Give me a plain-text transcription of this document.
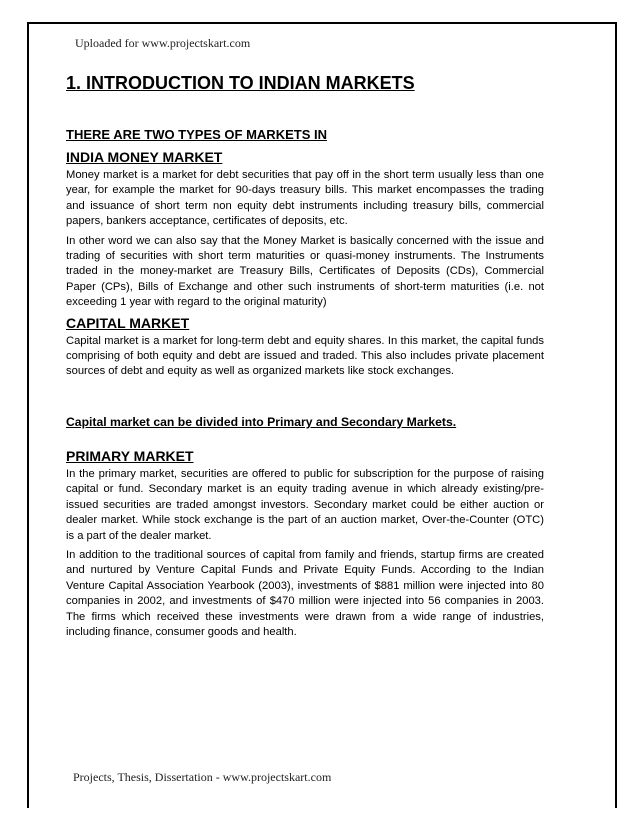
Uploaded for www.projectskart.com

1. INTRODUCTION TO INDIAN MARKETS

THERE ARE TWO TYPES OF MARKETS IN

INDIA MONEY MARKET

Money market is a market for debt securities that pay off in the short term usually less than one year, for example the market for 90-days treasury bills. This market encompasses the trading and issuance of short term non equity debt instruments including treasury bills, commercial papers, bankers acceptance, certificates of deposits, etc.

In other word we can also say that the Money Market is basically concerned with the issue and trading of securities with short term maturities or quasi-money instruments. The Instruments traded in the money-market are Treasury Bills, Certificates of Deposits (CDs), Commercial Paper (CPs), Bills of Exchange and other such instruments of short-term maturities (i.e. not exceeding 1 year with regard to the original maturity)

CAPITAL MARKET

Capital market is a market for long-term debt and equity shares. In this market, the capital funds comprising of both equity and debt are issued and traded. This also includes private placement sources of debt and equity as well as organized markets like stock exchanges.

Capital market can be divided into Primary and Secondary Markets.

PRIMARY MARKET

In the primary market, securities are offered to public for subscription for the purpose of raising capital or fund. Secondary market is an equity trading avenue in which already existing/pre- issued securities are traded amongst investors. Secondary market could be either auction or dealer market. While stock exchange is the part of an auction market, Over-the-Counter (OTC) is a part of the dealer market.

In addition to the traditional sources of capital from family and friends, startup firms are created and nurtured by Venture Capital Funds and Private Equity Funds. According to the Indian Venture Capital Association Yearbook (2003), investments of $881 million were injected into 80 companies in 2002, and investments of $470 million were injected into 56 companies in 2003. The firms which received these investments were drawn from a wide range of industries, including finance, consumer goods and health.

Projects, Thesis, Dissertation - www.projectskart.com
